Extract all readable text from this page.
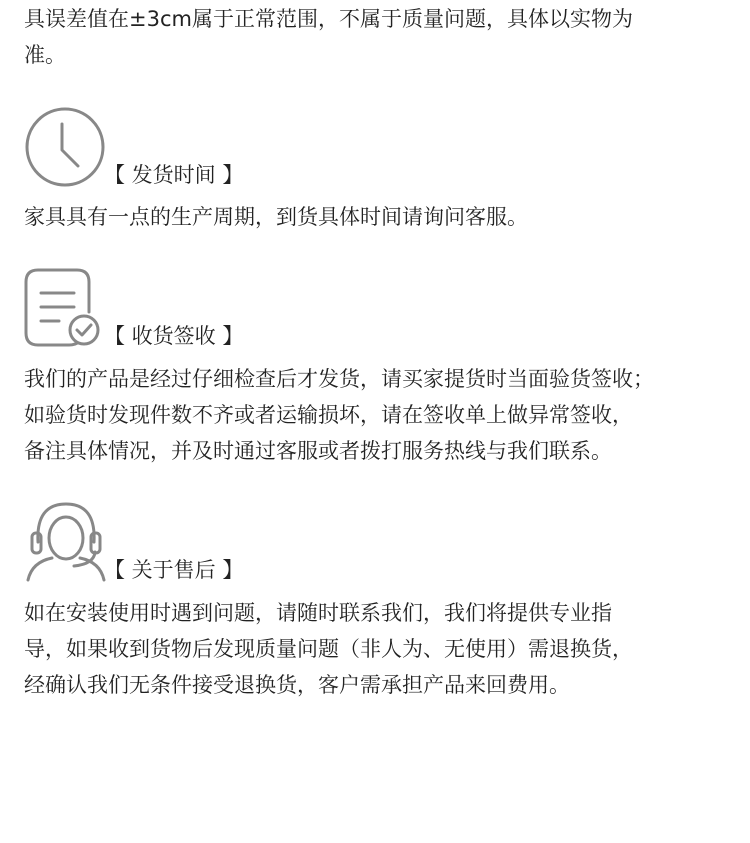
具误差值在±3cm属于正常范围，不属于质量问题，具体以实物为
准。

【 发货时间 】

家具具有一点的生产周期，到货具体时间请询问客服。

【 收货签收 】

我们的产品是经过仔细检查后才发货，请买家提货时当面验货签收；
如验货时发现件数不齐或者运输损坏，请在签收单上做异常签收，
备注具体情况，并及时通过客服或者拨打服务热线与我们联系。

【 关于售后 】

如在安装使用时遇到问题，请随时联系我们，我们将提供专业指
导，如果收到货物后发现质量问题（非人为、无使用）需退换货，
经确认我们无条件接受退换货，客户需承担产品来回费用。
